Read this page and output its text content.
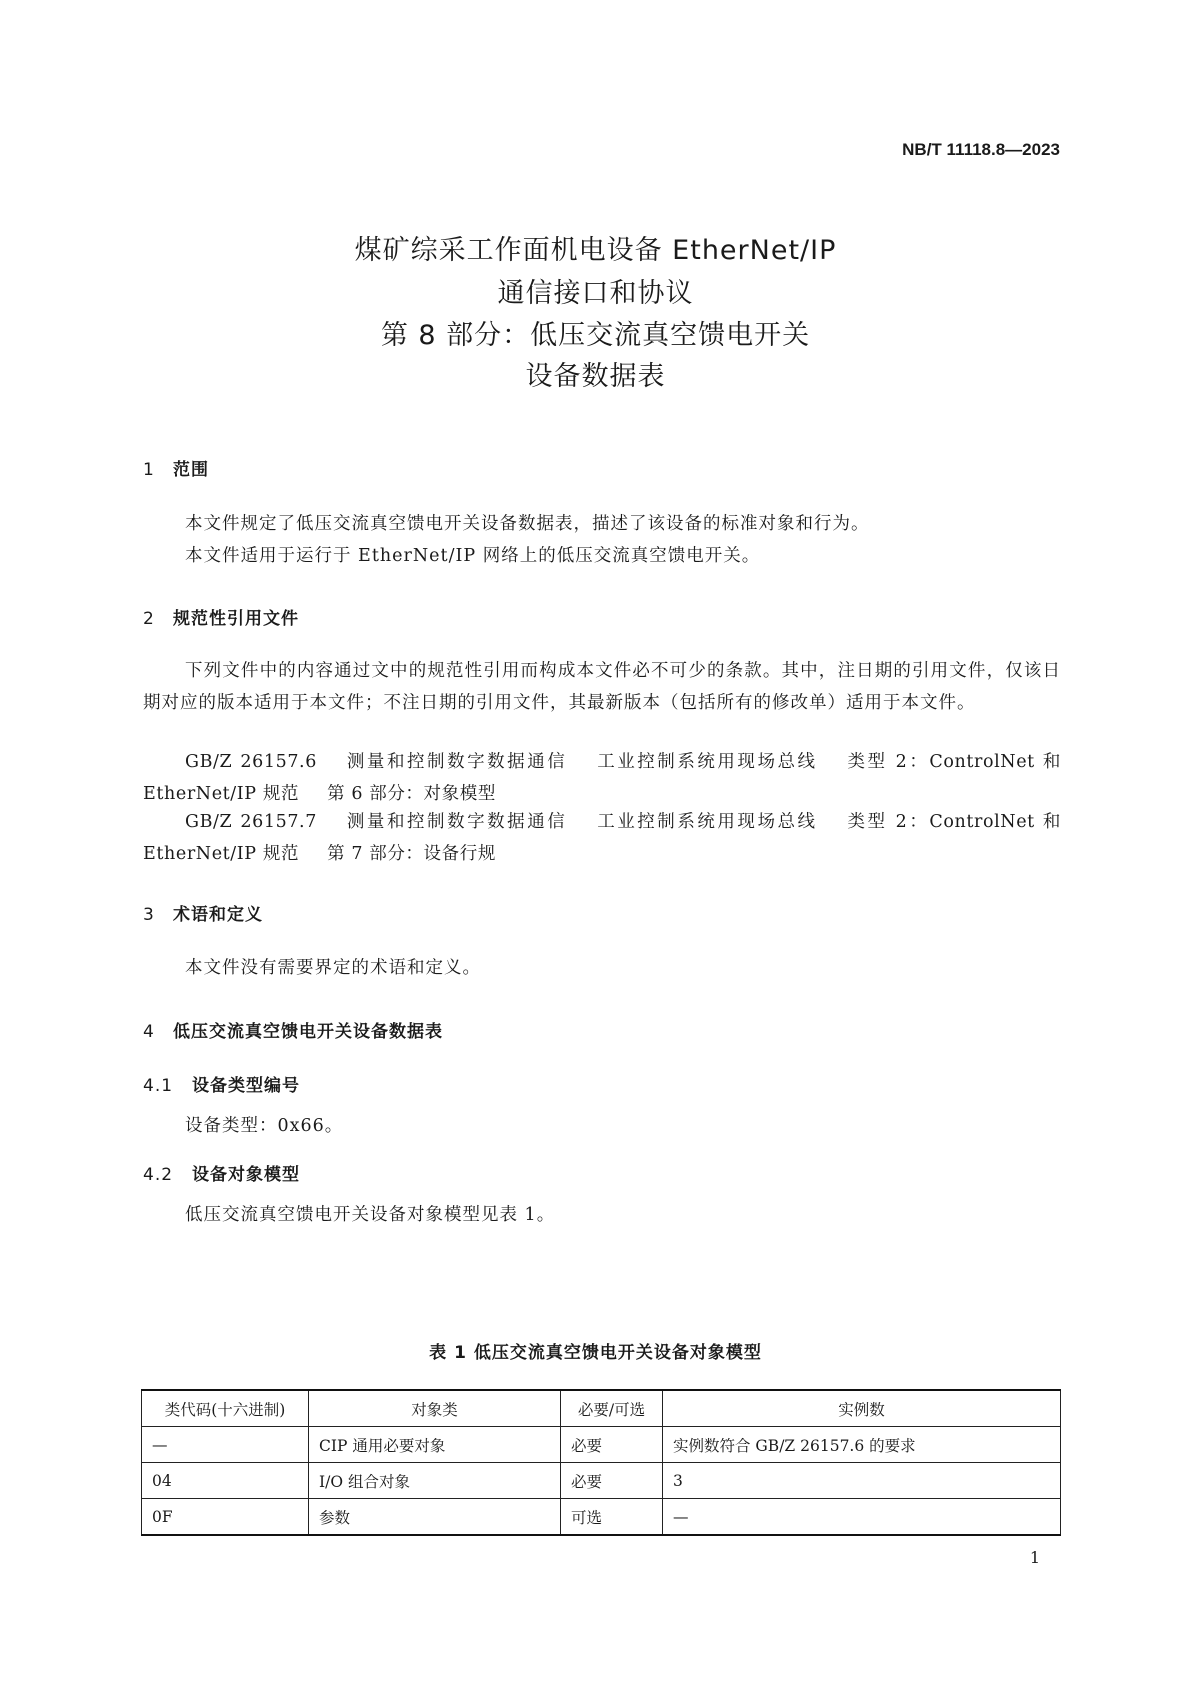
NB/T 11118.8—2023
煤矿综采工作面机电设备 EtherNet/IP
通信接口和协议
第 8 部分：低压交流真空馈电开关
设备数据表
1 范围
本文件规定了低压交流真空馈电开关设备数据表，描述了该设备的标准对象和行为。
本文件适用于运行于 EtherNet/IP 网络上的低压交流真空馈电开关。
2 规范性引用文件
下列文件中的内容通过文中的规范性引用而构成本文件必不可少的条款。其中，注日期的引用文件，仅该日期对应的版本适用于本文件；不注日期的引用文件，其最新版本（包括所有的修改单）适用于本文件。
GB/Z 26157.6 测量和控制数字数据通信 工业控制系统用现场总线 类型 2：ControlNet 和 EtherNet/IP 规范 第 6 部分：对象模型
GB/Z 26157.7 测量和控制数字数据通信 工业控制系统用现场总线 类型 2：ControlNet 和 EtherNet/IP 规范 第 7 部分：设备行规
3 术语和定义
本文件没有需要界定的术语和定义。
4 低压交流真空馈电开关设备数据表
4.1 设备类型编号
设备类型：0x66。
4.2 设备对象模型
低压交流真空馈电开关设备对象模型见表 1。
表 1 低压交流真空馈电开关设备对象模型
类代码(十六进制)	对象类	必要/可选	实例数
—	CIP 通用必要对象	必要	实例数符合 GB/Z 26157.6 的要求
04	I/O 组合对象	必要	3
0F	参数	可选	—
1
